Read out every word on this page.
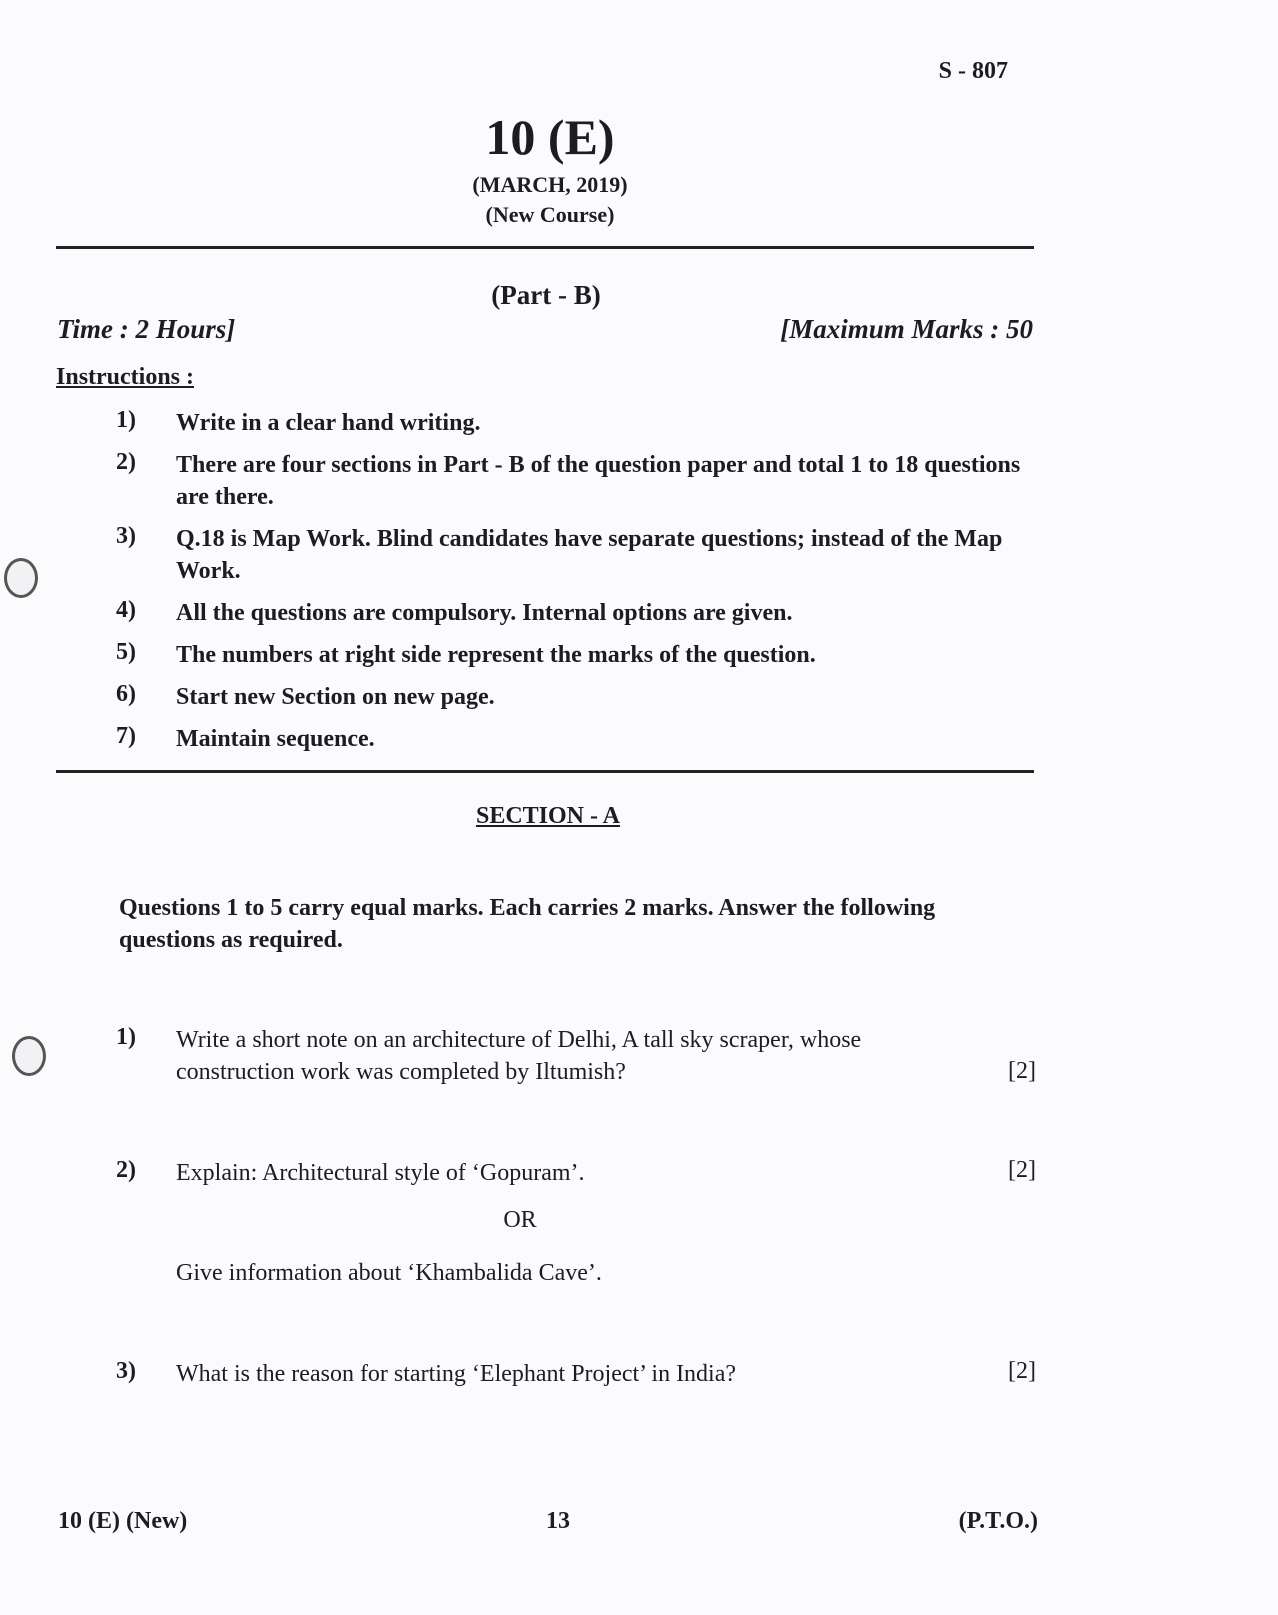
S - 807
10 (E)
(MARCH, 2019)
(New Course)
(Part - B)
Time : 2 Hours]	[Maximum Marks : 50
Instructions :
1) Write in a clear hand writing.
2) There are four sections in Part - B of the question paper and total 1 to 18 questions are there.
3) Q.18 is Map Work. Blind candidates have separate questions; instead of the Map Work.
4) All the questions are compulsory. Internal options are given.
5) The numbers at right side represent the marks of the question.
6) Start new Section on new page.
7) Maintain sequence.
SECTION - A
Questions 1 to 5 carry equal marks. Each carries 2 marks. Answer the following questions as required.
1) Write a short note on an architecture of Delhi, A tall sky scraper, whose construction work was completed by Iltumish?	[2]
2) Explain: Architectural style of ‘Gopuram’.	[2]
OR
Give information about ‘Khambalida Cave’.
3) What is the reason for starting ‘Elephant Project’ in India?	[2]
10 (E) (New)	13	(P.T.O.)
